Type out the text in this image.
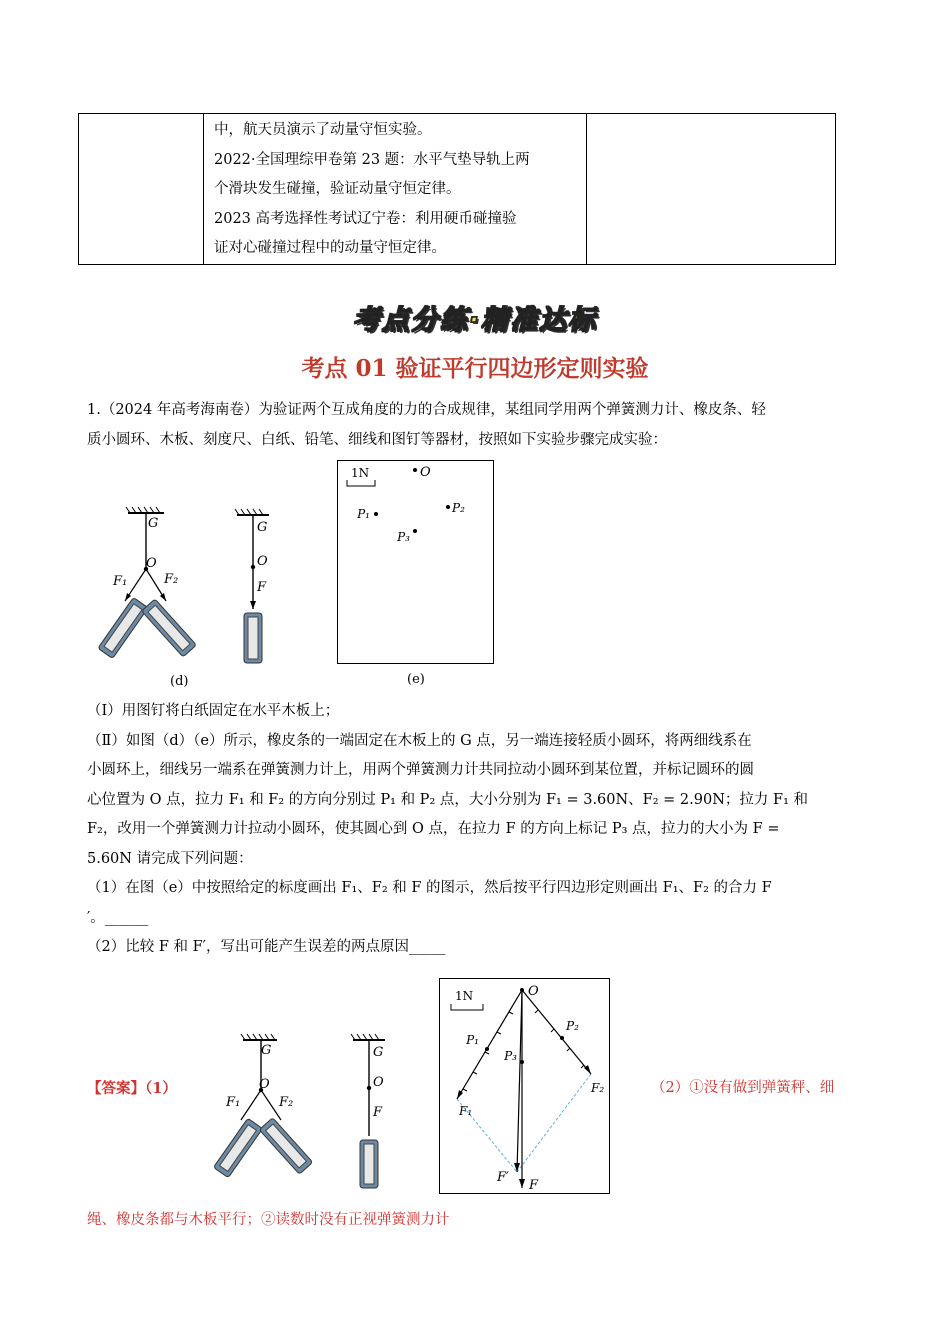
中，航天员演示了动量守恒实验。
2022·全国理综甲卷第 23 题：水平气垫导轨上两
个滑块发生碰撞，验证动量守恒定律。
2023 高考选择性考试辽宁卷：利用硬币碰撞验
证对心碰撞过程中的动量守恒定律。

考点分练·精准达标
考点 01 验证平行四边形定则实验
1.（2024 年高考海南卷）为验证两个互成角度的力的合成规律，某组同学用两个弹簧测力计、橡皮条、轻
质小圆环、木板、刻度尺、白纸、铅笔、细线和图钉等器材，按照如下实验步骤完成实验：
G
O
F₁	F₂
(d)
G
O
F
1N	O
P₁	P₂
P₃
(e)
（Ⅰ）用图钉将白纸固定在水平木板上；
（Ⅱ）如图（d）（e）所示，橡皮条的一端固定在木板上的 G 点，另一端连接轻质小圆环，将两细线系在
小圆环上，细线另一端系在弹簧测力计上，用两个弹簧测力计共同拉动小圆环到某位置，并标记圆环的圆
心位置为 O 点，拉力 F₁ 和 F₂ 的方向分别过 P₁ 和 P₂ 点，大小分别为 F₁ = 3.60N、F₂ = 2.90N；拉力 F₁ 和
F₂，改用一个弹簧测力计拉动小圆环，使其圆心到 O 点，在拉力 F 的方向上标记 P₃ 点，拉力的大小为 F =
5.60N 请完成下列问题：
（1）在图（e）中按照给定的标度画出 F₁、F₂ 和 F 的图示，然后按平行四边形定则画出 F₁、F₂ 的合力 F
′。______
（2）比较 F 和 F′，写出可能产生误差的两点原因_____
【答案】（1）
G
O
F₁	F₂
G
O
F
1N	O
P₁
P₂
P₃
F₁
F₂
F′
F
（2）①没有做到弹簧秤、细
绳、橡皮条都与木板平行；②读数时没有正视弹簧测力计
